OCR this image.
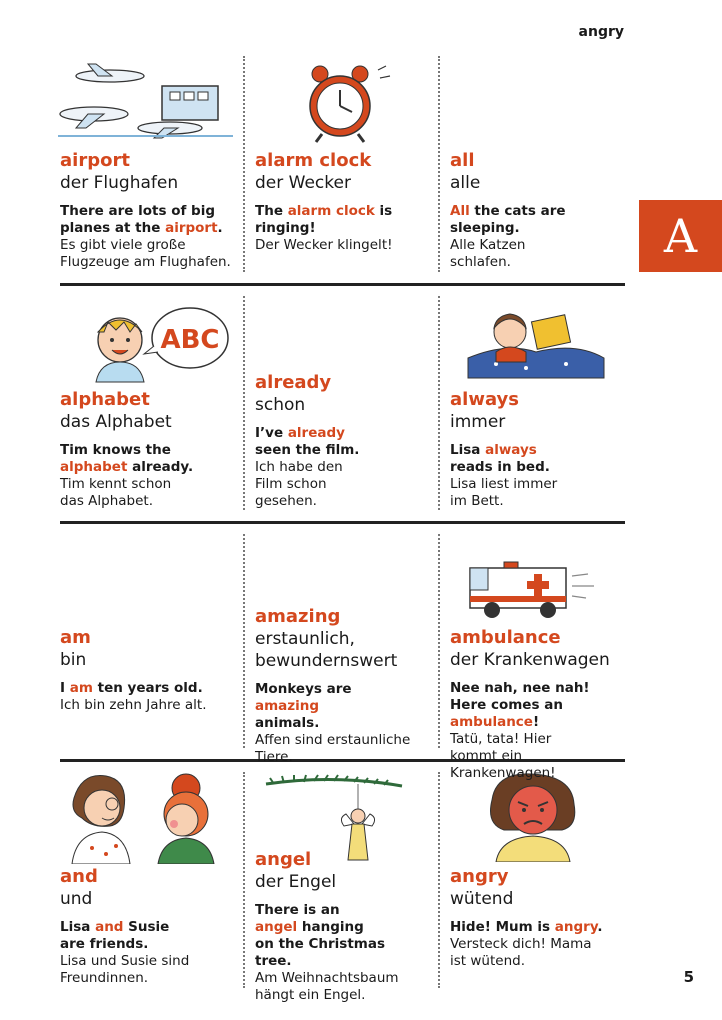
angry
A
5
ABC
airport
der Flughafen
There are lots of big planes at the airport.
Es gibt viele große Flugzeuge am Flughafen.
alarm clock
der Wecker
The alarm clock is ringing!
Der Wecker klingelt!
all
alle
All the cats are sleeping.
Alle Katzen schlafen.
alphabet
das Alphabet
Tim knows the alphabet already.
Tim kennt schon das Alphabet.
already
schon
I’ve already seen the film.
Ich habe den Film schon gesehen.
always
immer
Lisa always reads in bed.
Lisa liest immer im Bett.
am
bin
I am ten years old.
Ich bin zehn Jahre alt.
amazing
erstaunlich, bewundernswert
Monkeys are amazing animals.
Affen sind erstaunliche Tiere.
ambulance
der Krankenwagen
Nee nah, nee nah! Here comes an ambulance!
Tatü, tata! Hier kommt ein Krankenwagen!
and
und
Lisa and Susie are friends.
Lisa und Susie sind Freundinnen.
angel
der Engel
There is an angel hanging on the Christmas tree.
Am Weihnachtsbaum hängt ein Engel.
angry
wütend
Hide! Mum is angry.
Versteck dich! Mama ist wütend.
